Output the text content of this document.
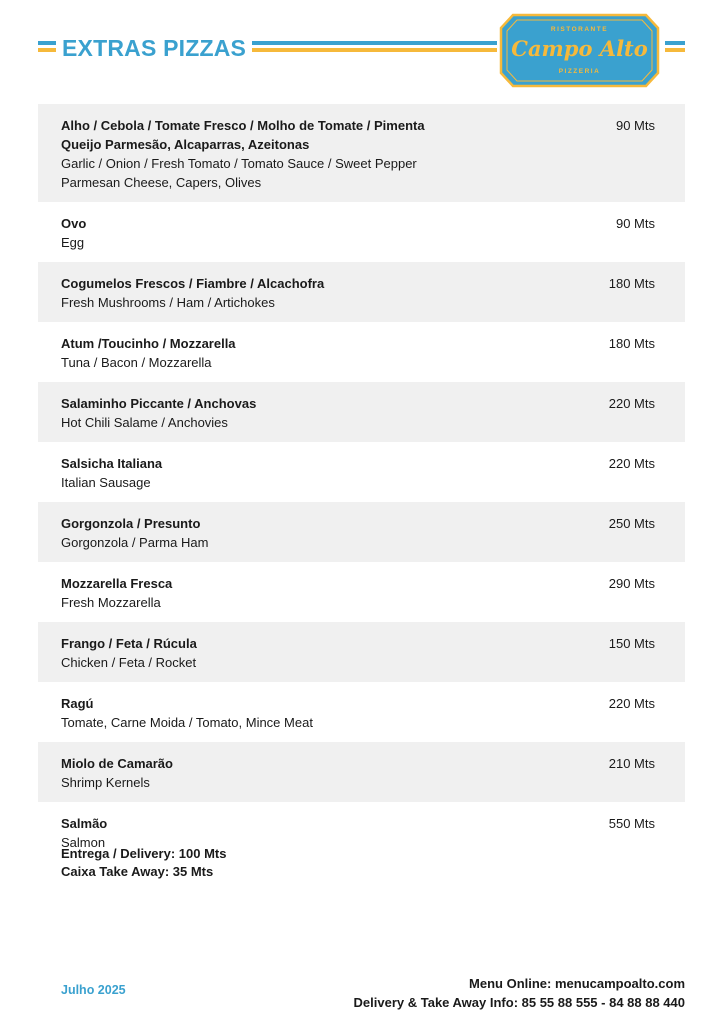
EXTRAS PIZZAS
RISTORANTE
Campo Alto
PIZZERIA
Alho / Cebola / Tomate Fresco / Molho de Tomate / Pimenta
Queijo Parmesão, Alcaparras, Azeitonas
Garlic / Onion / Fresh Tomato / Tomato Sauce / Sweet Pepper
Parmesan Cheese, Capers, Olives
90 Mts
Ovo
Egg
90 Mts
Cogumelos Frescos / Fiambre / Alcachofra
Fresh Mushrooms / Ham / Artichokes
180 Mts
Atum /Toucinho / Mozzarella
Tuna / Bacon / Mozzarella
180 Mts
Salaminho Piccante / Anchovas
Hot Chili Salame / Anchovies
220 Mts
Salsicha Italiana
Italian Sausage
220 Mts
Gorgonzola / Presunto
Gorgonzola / Parma Ham
250 Mts
Mozzarella Fresca
Fresh Mozzarella
290 Mts
Frango / Feta / Rúcula
Chicken / Feta / Rocket
150 Mts
Ragú
Tomate, Carne Moida / Tomato, Mince Meat
220 Mts
Miolo de Camarão
Shrimp Kernels
210 Mts
Salmão
Salmon
550 Mts
Entrega / Delivery: 100 Mts
Caixa Take Away: 35 Mts
Julho 2025	Menu Online: menucampoalto.com
Delivery & Take Away Info: 85 55 88 555 - 84 88 88 440
